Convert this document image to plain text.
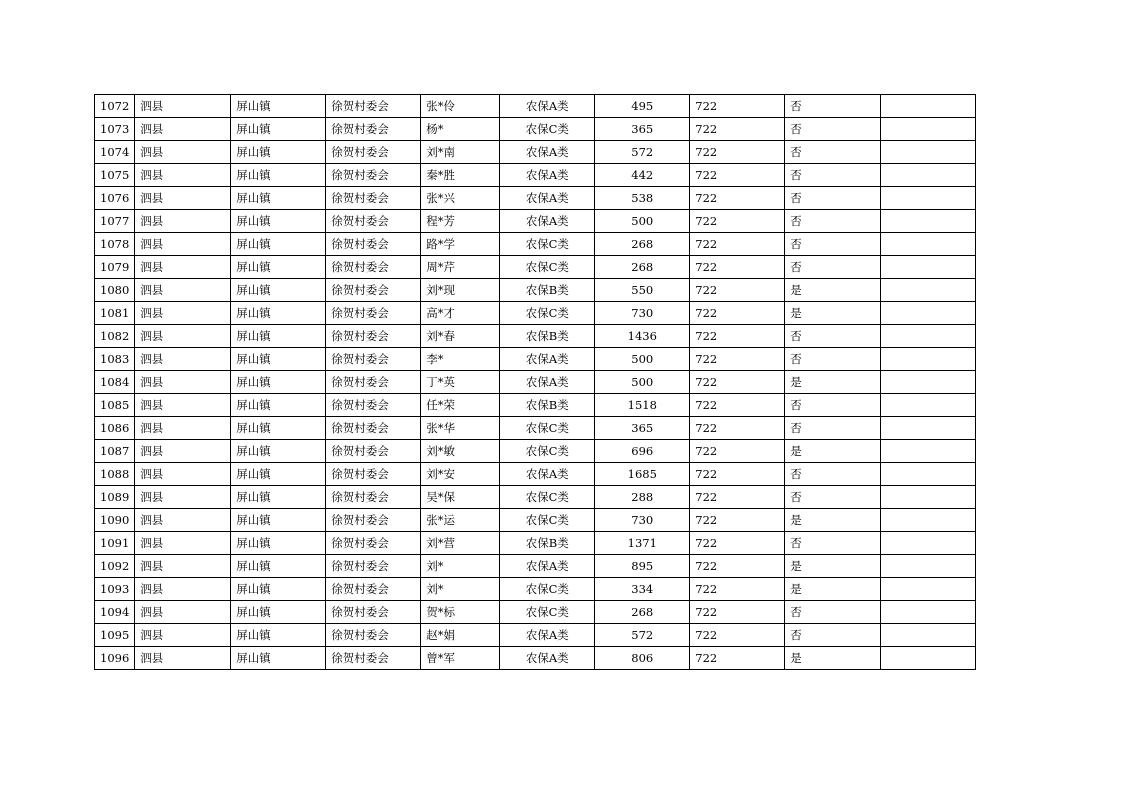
1072	泗县	屏山镇	徐贺村委会	张*伶	农保A类	495	722	否	
1073	泗县	屏山镇	徐贺村委会	杨*	农保C类	365	722	否	
1074	泗县	屏山镇	徐贺村委会	刘*南	农保A类	572	722	否	
1075	泗县	屏山镇	徐贺村委会	秦*胜	农保A类	442	722	否	
1076	泗县	屏山镇	徐贺村委会	张*兴	农保A类	538	722	否	
1077	泗县	屏山镇	徐贺村委会	程*芳	农保A类	500	722	否	
1078	泗县	屏山镇	徐贺村委会	路*学	农保C类	268	722	否	
1079	泗县	屏山镇	徐贺村委会	周*芹	农保C类	268	722	否	
1080	泗县	屏山镇	徐贺村委会	刘*现	农保B类	550	722	是	
1081	泗县	屏山镇	徐贺村委会	高*才	农保C类	730	722	是	
1082	泗县	屏山镇	徐贺村委会	刘*春	农保B类	1436	722	否	
1083	泗县	屏山镇	徐贺村委会	李*	农保A类	500	722	否	
1084	泗县	屏山镇	徐贺村委会	丁*英	农保A类	500	722	是	
1085	泗县	屏山镇	徐贺村委会	任*荣	农保B类	1518	722	否	
1086	泗县	屏山镇	徐贺村委会	张*华	农保C类	365	722	否	
1087	泗县	屏山镇	徐贺村委会	刘*敏	农保C类	696	722	是	
1088	泗县	屏山镇	徐贺村委会	刘*安	农保A类	1685	722	否	
1089	泗县	屏山镇	徐贺村委会	吴*保	农保C类	288	722	否	
1090	泗县	屏山镇	徐贺村委会	张*运	农保C类	730	722	是	
1091	泗县	屏山镇	徐贺村委会	刘*营	农保B类	1371	722	否	
1092	泗县	屏山镇	徐贺村委会	刘*	农保A类	895	722	是	
1093	泗县	屏山镇	徐贺村委会	刘*	农保C类	334	722	是	
1094	泗县	屏山镇	徐贺村委会	贺*标	农保C类	268	722	否	
1095	泗县	屏山镇	徐贺村委会	赵*娟	农保A类	572	722	否	
1096	泗县	屏山镇	徐贺村委会	曾*军	农保A类	806	722	是	
